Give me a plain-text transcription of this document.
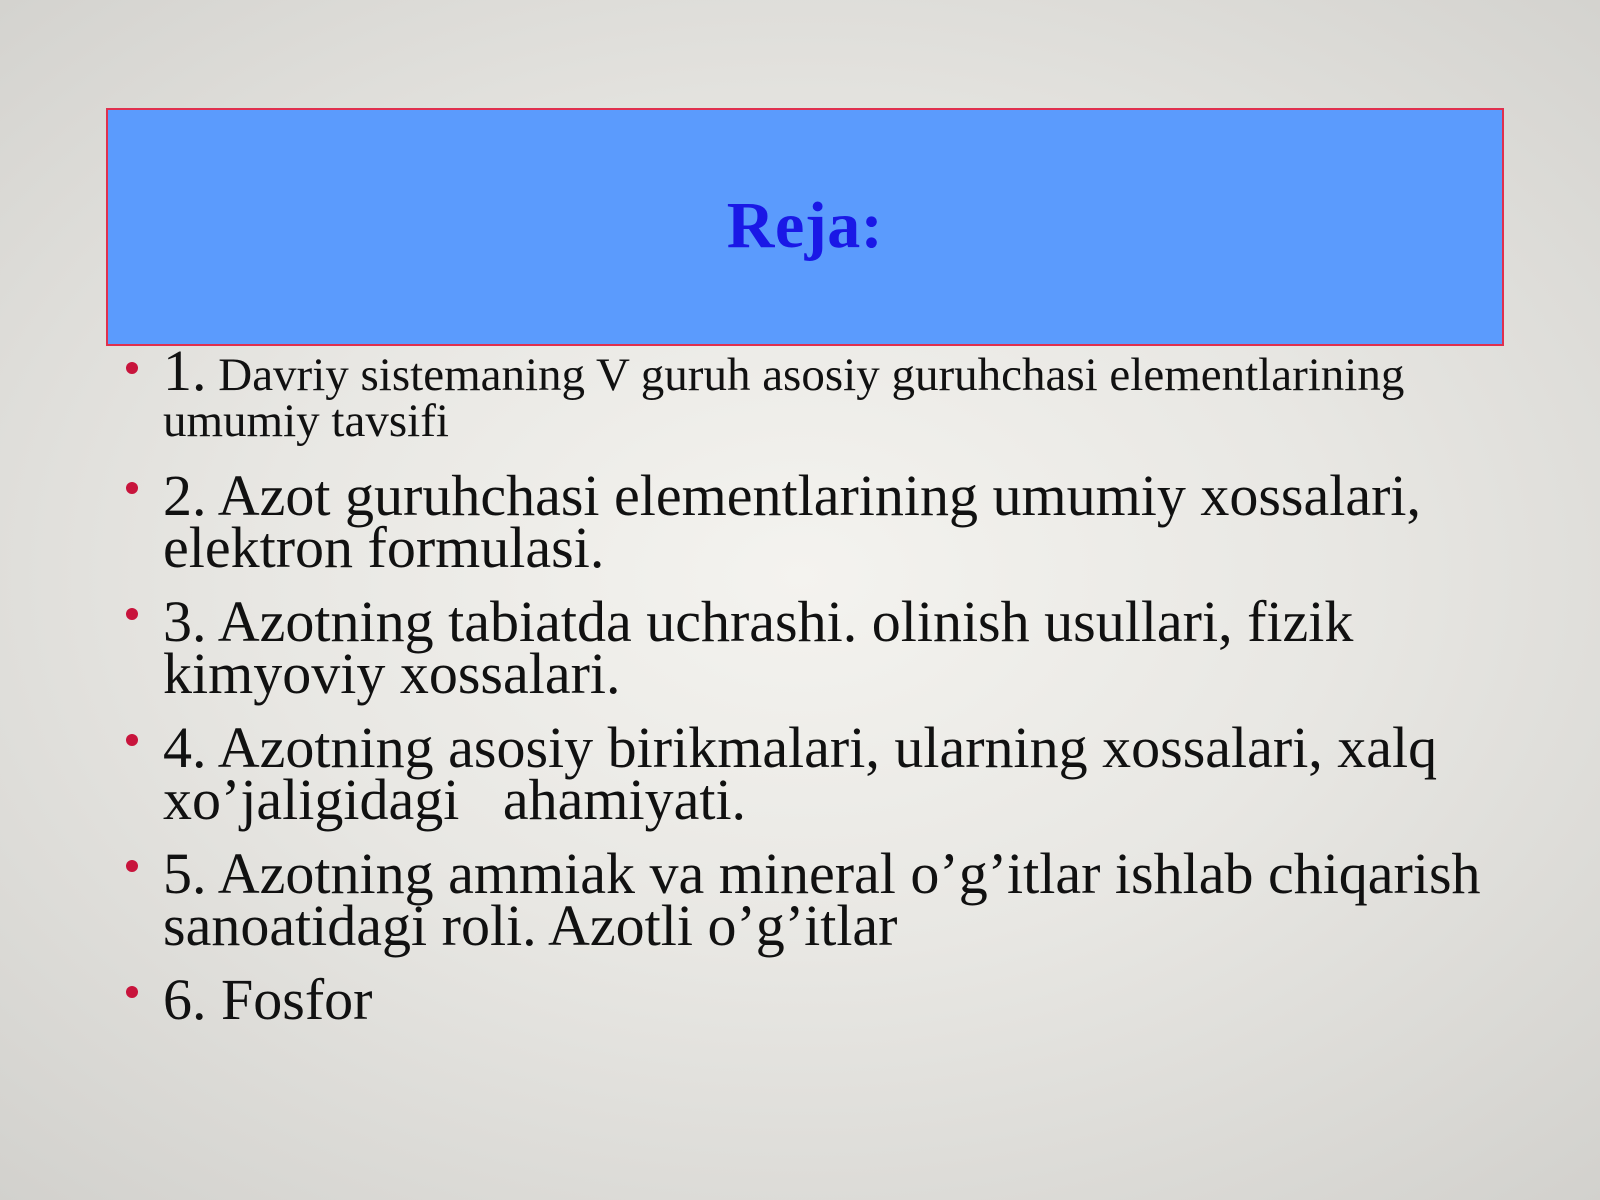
Reja:
1. Davriy sistemaning V guruh asosiy guruhchasi elementlarining umumiy tavsifi
2. Azot guruhchasi elementlarining umumiy xossalari, elektron formulasi.
3. Azotning tabiatda uchrashi. olinish usullari, fizik kimyoviy xossalari.
4. Azotning asosiy birikmalari, ularning xossalari, xalq xo’jaligidagi   ahamiyati.
5. Azotning ammiak va mineral o’g’itlar ishlab chiqarish sanoatidagi roli. Azotli o’g’itlar
6. Fosfor
